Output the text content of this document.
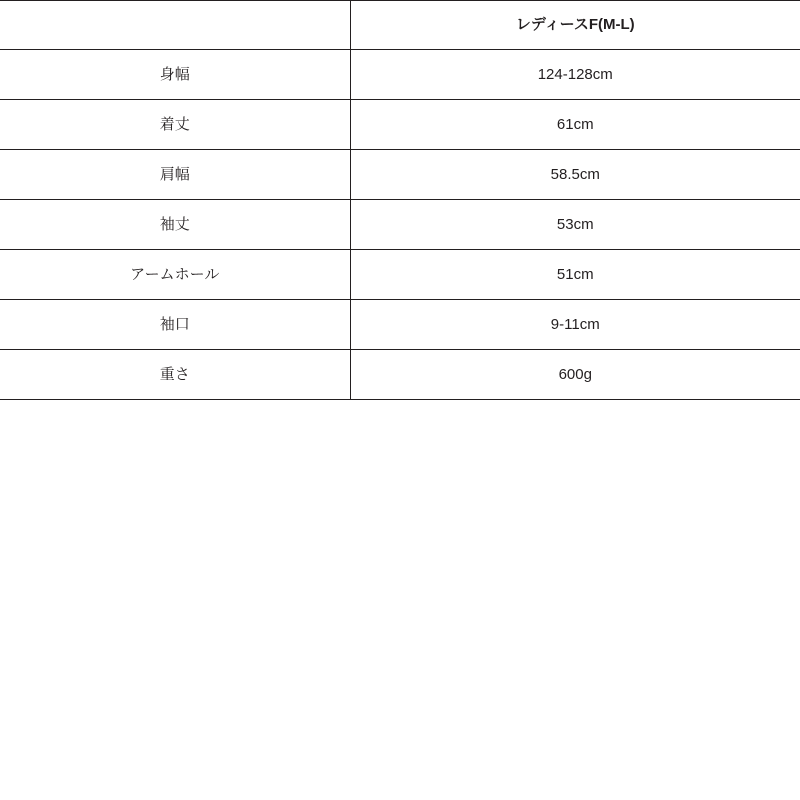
	レディースF(M-L)
身幅	124-128cm
着丈	61cm
肩幅	58.5cm
袖丈	53cm
アームホール	51cm
袖口	9-11cm
重さ	600g
